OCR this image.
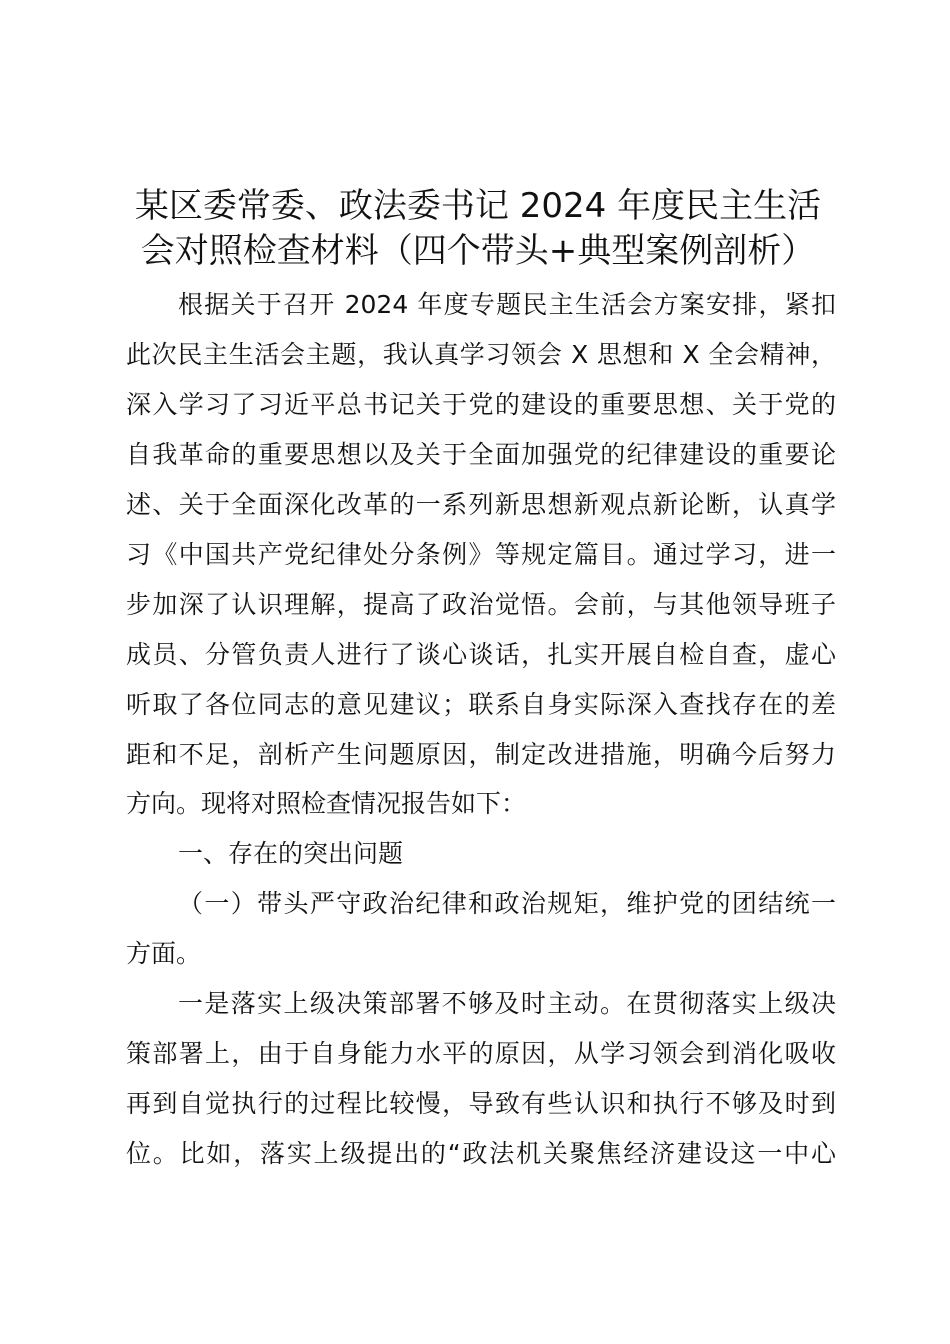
某区委常委、政法委书记 2024 年度民主生活
会对照检查材料（四个带头+典型案例剖析）

根据关于召开 2024 年度专题民主生活会方案安排，紧扣

此次民主生活会主题，我认真学习领会 X 思想和 X 全会精神，

深入学习了习近平总书记关于党的建设的重要思想、关于党的

自我革命的重要思想以及关于全面加强党的纪律建设的重要论

述、关于全面深化改革的一系列新思想新观点新论断，认真学

习《中国共产党纪律处分条例》等规定篇目。通过学习，进一

步加深了认识理解，提高了政治觉悟。会前，与其他领导班子

成员、分管负责人进行了谈心谈话，扎实开展自检自查，虚心

听取了各位同志的意见建议；联系自身实际深入查找存在的差

距和不足，剖析产生问题原因，制定改进措施，明确今后努力

方向。现将对照检查情况报告如下：

一、存在的突出问题

（一）带头严守政治纪律和政治规矩，维护党的团结统一

方面。

一是落实上级决策部署不够及时主动。在贯彻落实上级决

策部署上，由于自身能力水平的原因，从学习领会到消化吸收

再到自觉执行的过程比较慢，导致有些认识和执行不够及时到

位。比如，落实上级提出的“政法机关聚焦经济建设这一中心
